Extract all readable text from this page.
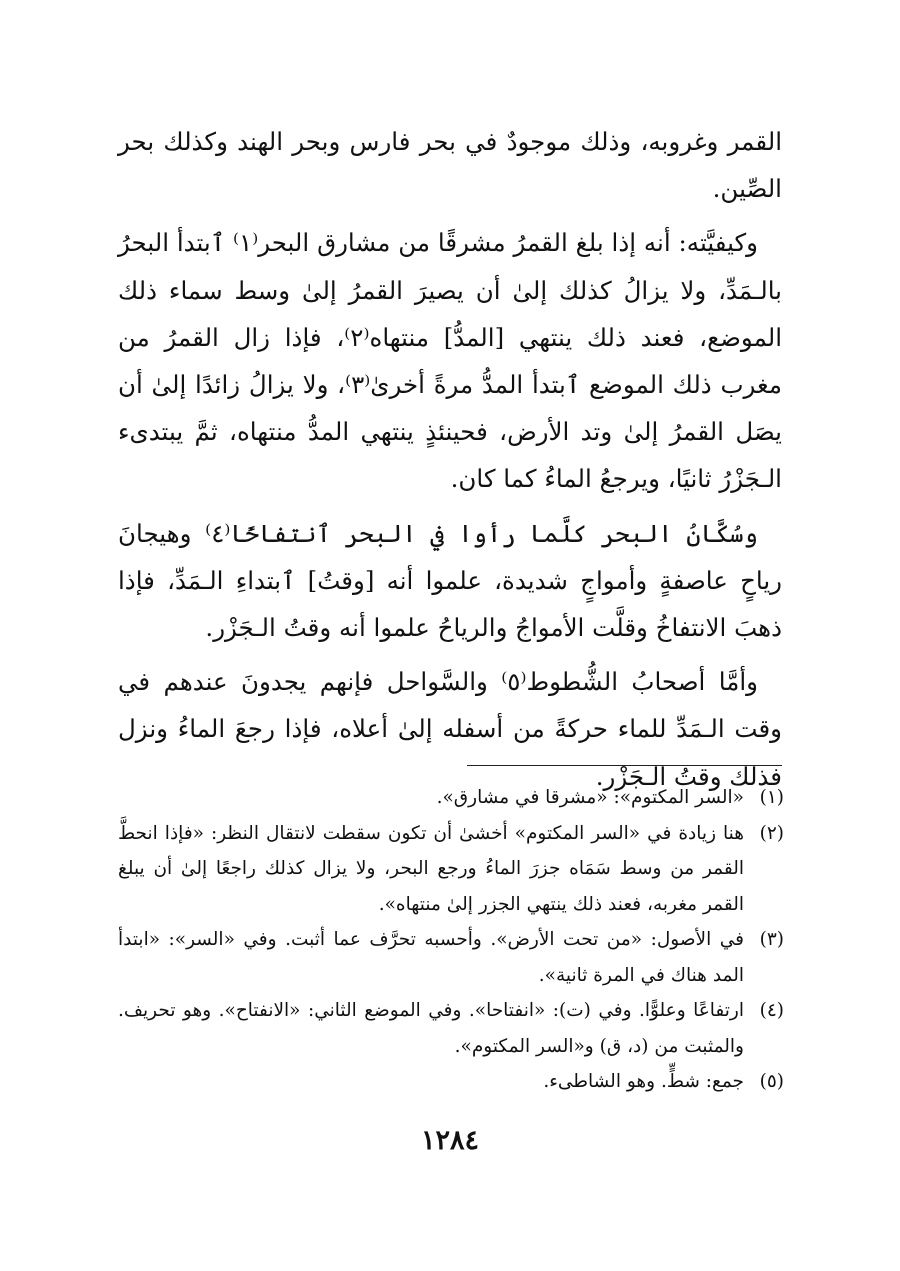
القمر وغروبه، وذلك موجودٌ في بحر فارس وبحر الهند وكذلك بحر الصِّين.

وكيفيَّته: أنه إذا بلغ القمرُ مشرقًا من مشارق البحر⁽١⁾ ٱبتدأ البحرُ بالـمَدِّ، ولا يزالُ كذلك إلىٰ أن يصيرَ القمرُ إلىٰ وسط سماء ذلك الموضع، فعند ذلك ينتهي [المدُّ] منتهاه⁽٢⁾، فإذا زال القمرُ من مغرب ذلك الموضع ٱبتدأ المدُّ مرةً أخرىٰ⁽٣⁾، ولا يزالُ زائدًا إلىٰ أن يصَل القمرُ إلىٰ وتد الأرض، فحينئذٍ ينتهي المدُّ منتهاه، ثمَّ يبتدىء الـجَزْرُ ثانيًا، ويرجعُ الماءُ كما كان.

وسُكَّانُ البحر كلَّما رأوا في البحر ٱنتفاخًا⁽٤⁾ وهيجانَ رياحٍ عاصفةٍ وأمواجٍ شديدة، علموا أنه [وقتُ] ٱبتداءِ الـمَدِّ، فإذا ذهبَ الانتفاخُ وقلَّت الأمواجُ والرياحُ علموا أنه وقتُ الـجَزْر.

وأمَّا أصحابُ الشُّطوط⁽٥⁾ والسَّواحل فإنهم يجدونَ عندهم في وقت الـمَدِّ للماء حركةً من أسفله إلىٰ أعلاه، فإذا رجعَ الماءُ ونزل فذلك وقتُ الـجَزْر.

(١)
«السر المكتوم»: «مشرقا في مشارق».
(٢)
هنا زيادة في «السر المكتوم» أخشىٰ أن تكون سقطت لانتقال النظر: «فإذا انحطَّ القمر من وسط سَمَاه جزرَ الماءُ ورجع البحر، ولا يزال كذلك راجعًا إلىٰ أن يبلغ القمر مغربه، فعند ذلك ينتهي الجزر إلىٰ منتهاه».
(٣)
في الأصول: «من تحت الأرض». وأحسبه تحرَّف عما أثبت. وفي «السر»: «ابتدأ المد هناك في المرة ثانية».
(٤)
ارتفاعًا وعلوًّا. وفي (ت): «انفتاحا». وفي الموضع الثاني: «الانفتاح». وهو تحريف. والمثبت من (د، ق) و«السر المكتوم».
(٥)
جمع: شطٍّ. وهو الشاطىء.
١٢٨٤
